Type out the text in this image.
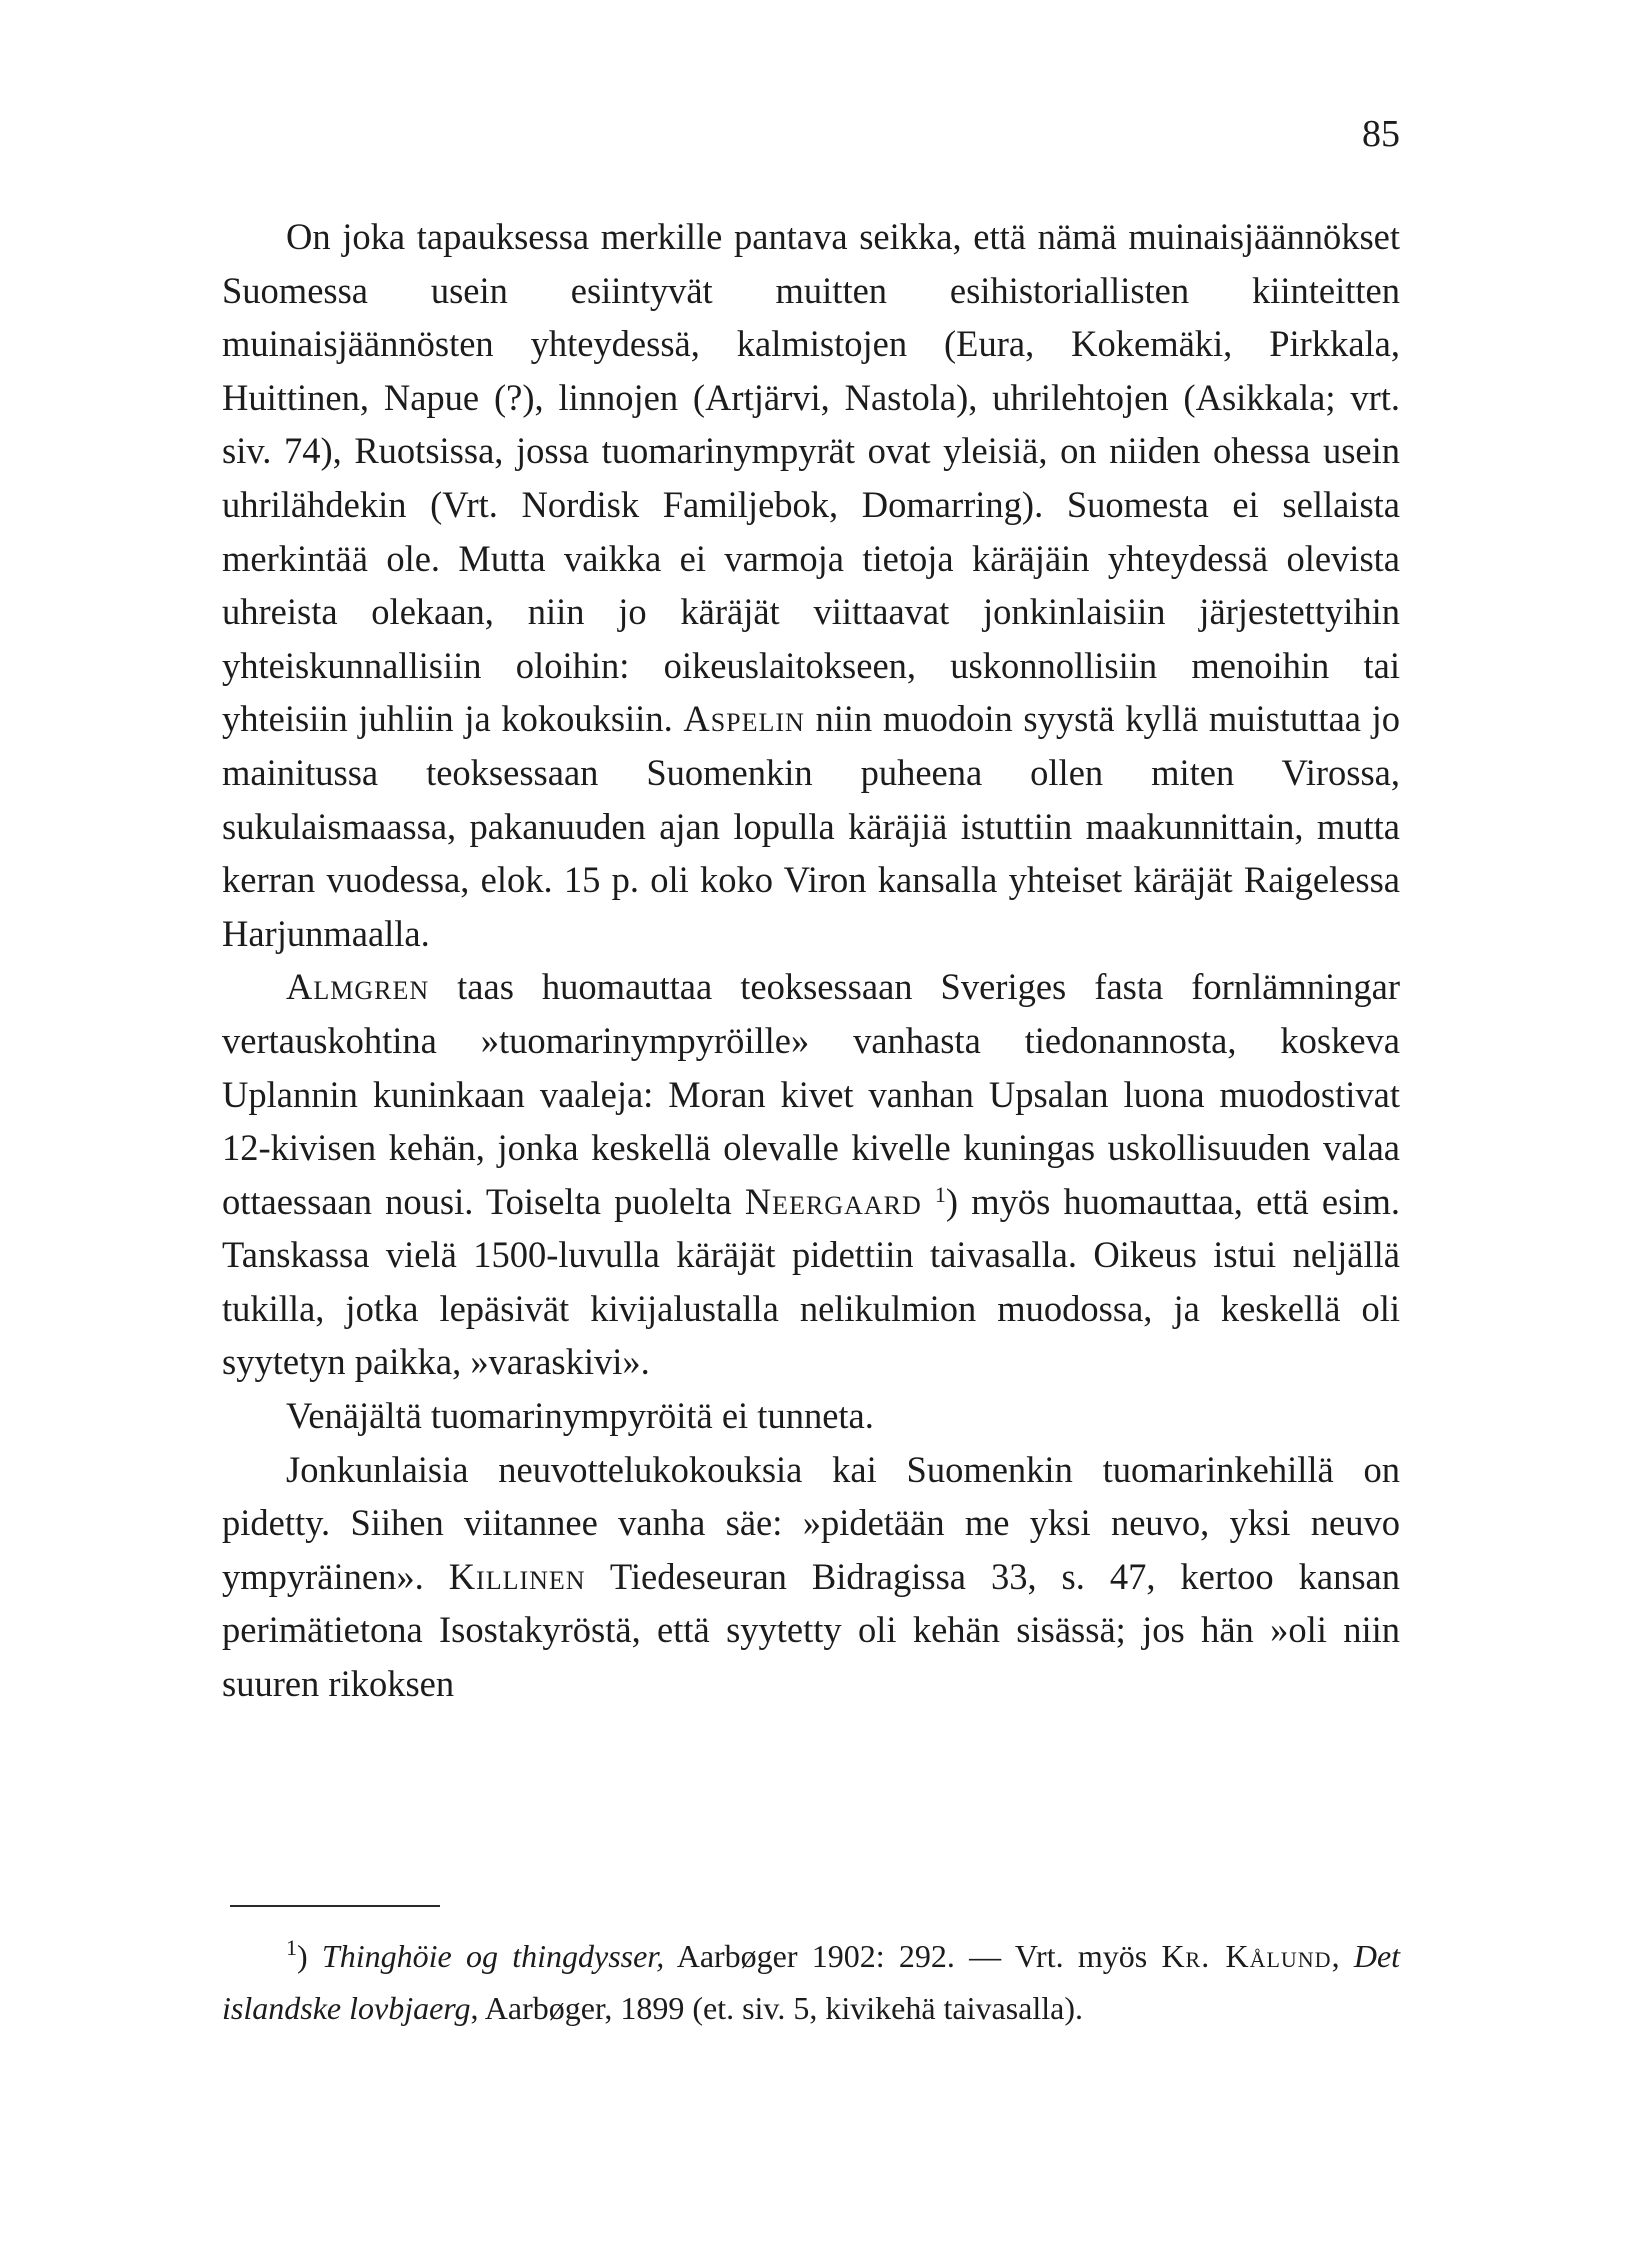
85

On joka tapauksessa merkille pantava seikka, että nämä muinaisjäännökset Suomessa usein esiintyvät muitten esihistoriallisten kiinteitten muinaisjäännösten yhteydessä, kalmistojen (Eura, Kokemäki, Pirkkala, Huittinen, Napue (?), linnojen (Artjärvi, Nastola), uhrilehtojen (Asikkala; vrt. siv. 74), Ruotsissa, jossa tuomarinympyrät ovat yleisiä, on niiden ohessa usein uhrilähdekin (Vrt. Nordisk Familjebok, Domarring). Suomesta ei sellaista merkintää ole. Mutta vaikka ei varmoja tietoja käräjäin yhteydessä olevista uhreista olekaan, niin jo käräjät viittaavat jonkinlaisiin järjestettyihin yhteiskunnallisiin oloihin: oikeuslaitokseen, uskonnollisiin menoihin tai yhteisiin juhliin ja kokouksiin. Aspelin niin muodoin syystä kyllä muistuttaa jo mainitussa teoksessaan Suomenkin puheena ollen miten Virossa, sukulaismaassa, pakanuuden ajan lopulla käräjiä istuttiin maakunnittain, mutta kerran vuodessa, elok. 15 p. oli koko Viron kansalla yhteiset käräjät Raigelessa Harjunmaalla.

Almgren taas huomauttaa teoksessaan Sveriges fasta fornlämningar vertauskohtina »tuomarinympyröille» vanhasta tiedonannosta, koskeva Uplannin kuninkaan vaaleja: Moran kivet vanhan Upsalan luona muodostivat 12-kivisen kehän, jonka keskellä olevalle kivelle kuningas uskollisuuden valaa ottaessaan nousi. Toiselta puolelta Neergaard $^1$) myös huomauttaa, että esim. Tanskassa vielä 1500-luvulla käräjät pidettiin taivasalla. Oikeus istui neljällä tukilla, jotka lepäsivät kivijalustalla nelikulmion muodossa, ja keskellä oli syytetyn paikka, »varaskivi».

Venäjältä tuomarinympyröitä ei tunneta.

Jonkunlaisia neuvottelukokouksia kai Suomenkin tuomarinkehillä on pidetty. Siihen viitannee vanha säe: »pidetään me yksi neuvo, yksi neuvo ympyräinen». Killinen Tiedeseuran Bidragissa 33, s. 47, kertoo kansan perimätietona Isostakyröstä, että syytetty oli kehän sisässä; jos hän »oli niin suuren rikoksen

$^1$) Thinghöie og thingdysser, Aarbøger 1902: 292. — Vrt. myös Kr. Kålund, Det islandske lovbjaerg, Aarbøger, 1899 (et. siv. 5, kivikehä taivasalla).
